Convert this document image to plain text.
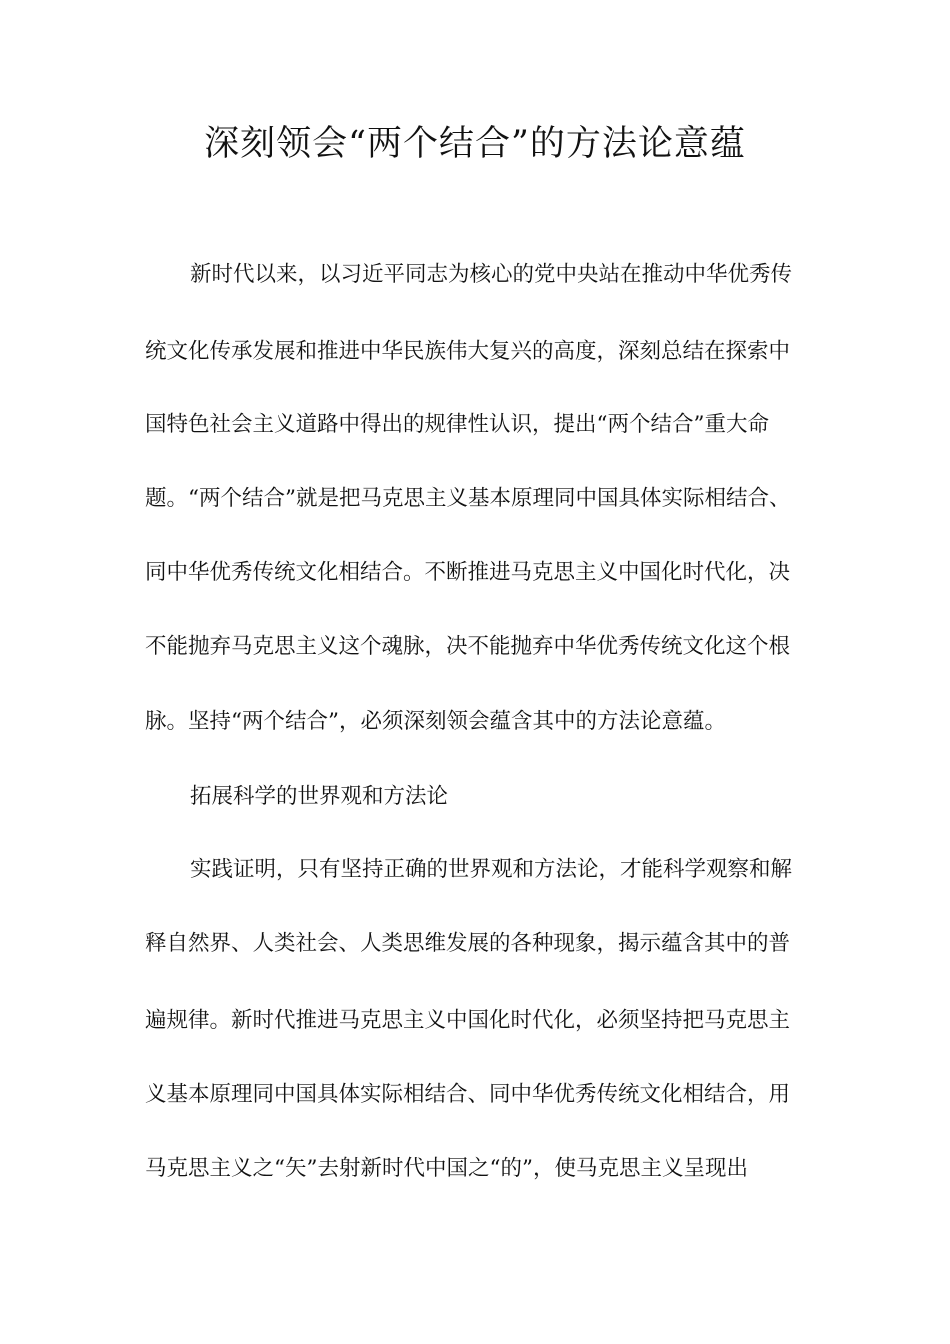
深刻领会“两个结合”的方法论意蕴
新时代以来，以习近平同志为核心的党中央站在推动中华优秀传
统文化传承发展和推进中华民族伟大复兴的高度，深刻总结在探索中
国特色社会主义道路中得出的规律性认识，提出“两个结合”重大命
题。“两个结合”就是把马克思主义基本原理同中国具体实际相结合、
同中华优秀传统文化相结合。不断推进马克思主义中国化时代化，决
不能抛弃马克思主义这个魂脉，决不能抛弃中华优秀传统文化这个根
脉。坚持“两个结合”，必须深刻领会蕴含其中的方法论意蕴。
拓展科学的世界观和方法论
实践证明，只有坚持正确的世界观和方法论，才能科学观察和解
释自然界、人类社会、人类思维发展的各种现象，揭示蕴含其中的普
遍规律。新时代推进马克思主义中国化时代化，必须坚持把马克思主
义基本原理同中国具体实际相结合、同中华优秀传统文化相结合，用
马克思主义之“矢”去射新时代中国之“的”，使马克思主义呈现出
